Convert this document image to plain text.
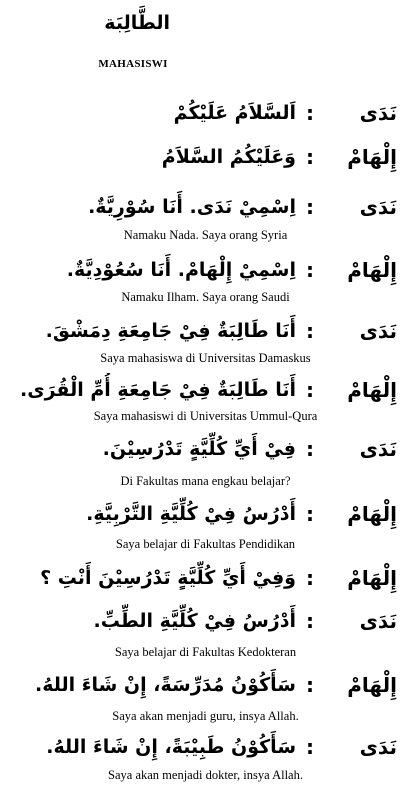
الطَّالِبَة
MAHASISWI
نَدَى
:
اَلسَّلاَمُ عَلَيْكُمْ
إِلْهَامْ
:
وَعَلَيْكُمُ السَّلاَمُ
نَدَى
:
اِسْمِيْ نَدَى. أَنَا سُوْرِيَّةٌ.
Namaku Nada. Saya orang Syria
إِلْهَامْ
:
اِسْمِيْ إِلْهَامْ. أَنَا سُعُوْدِيَّةٌ.
Namaku Ilham. Saya orang Saudi
نَدَى
:
أَنَا طَالِبَةٌ فِيْ جَامِعَةِ دِمَشْقَ.
Saya mahasiswa di Universitas Damaskus
إِلْهَامْ
:
أَنَا طَالِبَةٌ فِيْ جَامِعَةِ أُمِّ الْقُرَى.
Saya mahasiswi di Universitas Ummul-Qura
نَدَى
:
فِيْ أَيِّ كُلِّيَّةٍ تَدْرُسِيْنَ.
Di Fakultas mana engkau belajar?
إِلْهَامْ
:
أَدْرُسُ فِيْ كُلِّيَّةِ التَّرْبِيَّةِ.
Saya belajar di Fakultas Pendidikan
إِلْهَامْ
:
وَفِيْ أَيِّ كُلِّيَّةٍ تَدْرُسِيْنَ أَنْتِ ؟
نَدَى
:
أَدْرُسُ فِيْ كُلِّيَّةِ الطِّبِّ.
Saya belajar di Fakultas Kedokteran
إِلْهَامْ
:
سَأَكُوْنُ مُدَرِّسَةً، إِنْ شَاءَ اللهُ.
Saya akan menjadi guru, insya Allah.
نَدَى
:
سَأَكُوْنُ طَبِيْبَةً، إِنْ شَاءَ اللهُ.
Saya akan menjadi dokter, insya Allah.
